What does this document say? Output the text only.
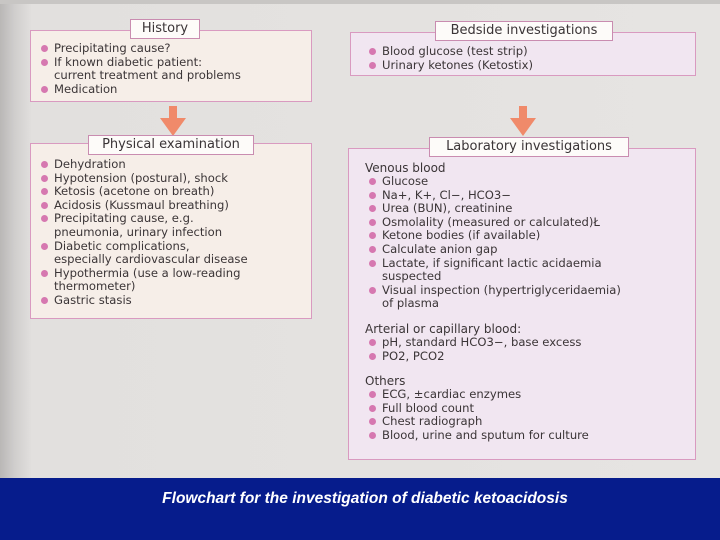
History
Precipitating cause?
If known diabetic patient:
current treatment and problems
Medication
Physical examination
Dehydration
Hypotension (postural), shock
Ketosis (acetone on breath)
Acidosis (Kussmaul breathing)
Precipitating cause, e.g.
pneumonia, urinary infection
Diabetic complications,
especially cardiovascular disease
Hypothermia (use a low-reading
thermometer)
Gastric stasis
Bedside investigations
Blood glucose (test strip)
Urinary ketones (Ketostix)
Laboratory investigations

Venous blood

Glucose
Na+, K+, Cl−, HCO3−
Urea (BUN), creatinine
Osmolality (measured or calculated)Ł
Ketone bodies (if available)
Calculate anion gap
Lactate, if significant lactic acidaemia
suspected
Visual inspection (hypertriglyceridaemia)
of plasma

Arterial or capillary blood:

pH, standard HCO3−, base excess
PO2, PCO2

Others

ECG, ±cardiac enzymes
Full blood count
Chest radiograph
Blood, urine and sputum for culture
Flowchart for the investigation of diabetic ketoacidosis
